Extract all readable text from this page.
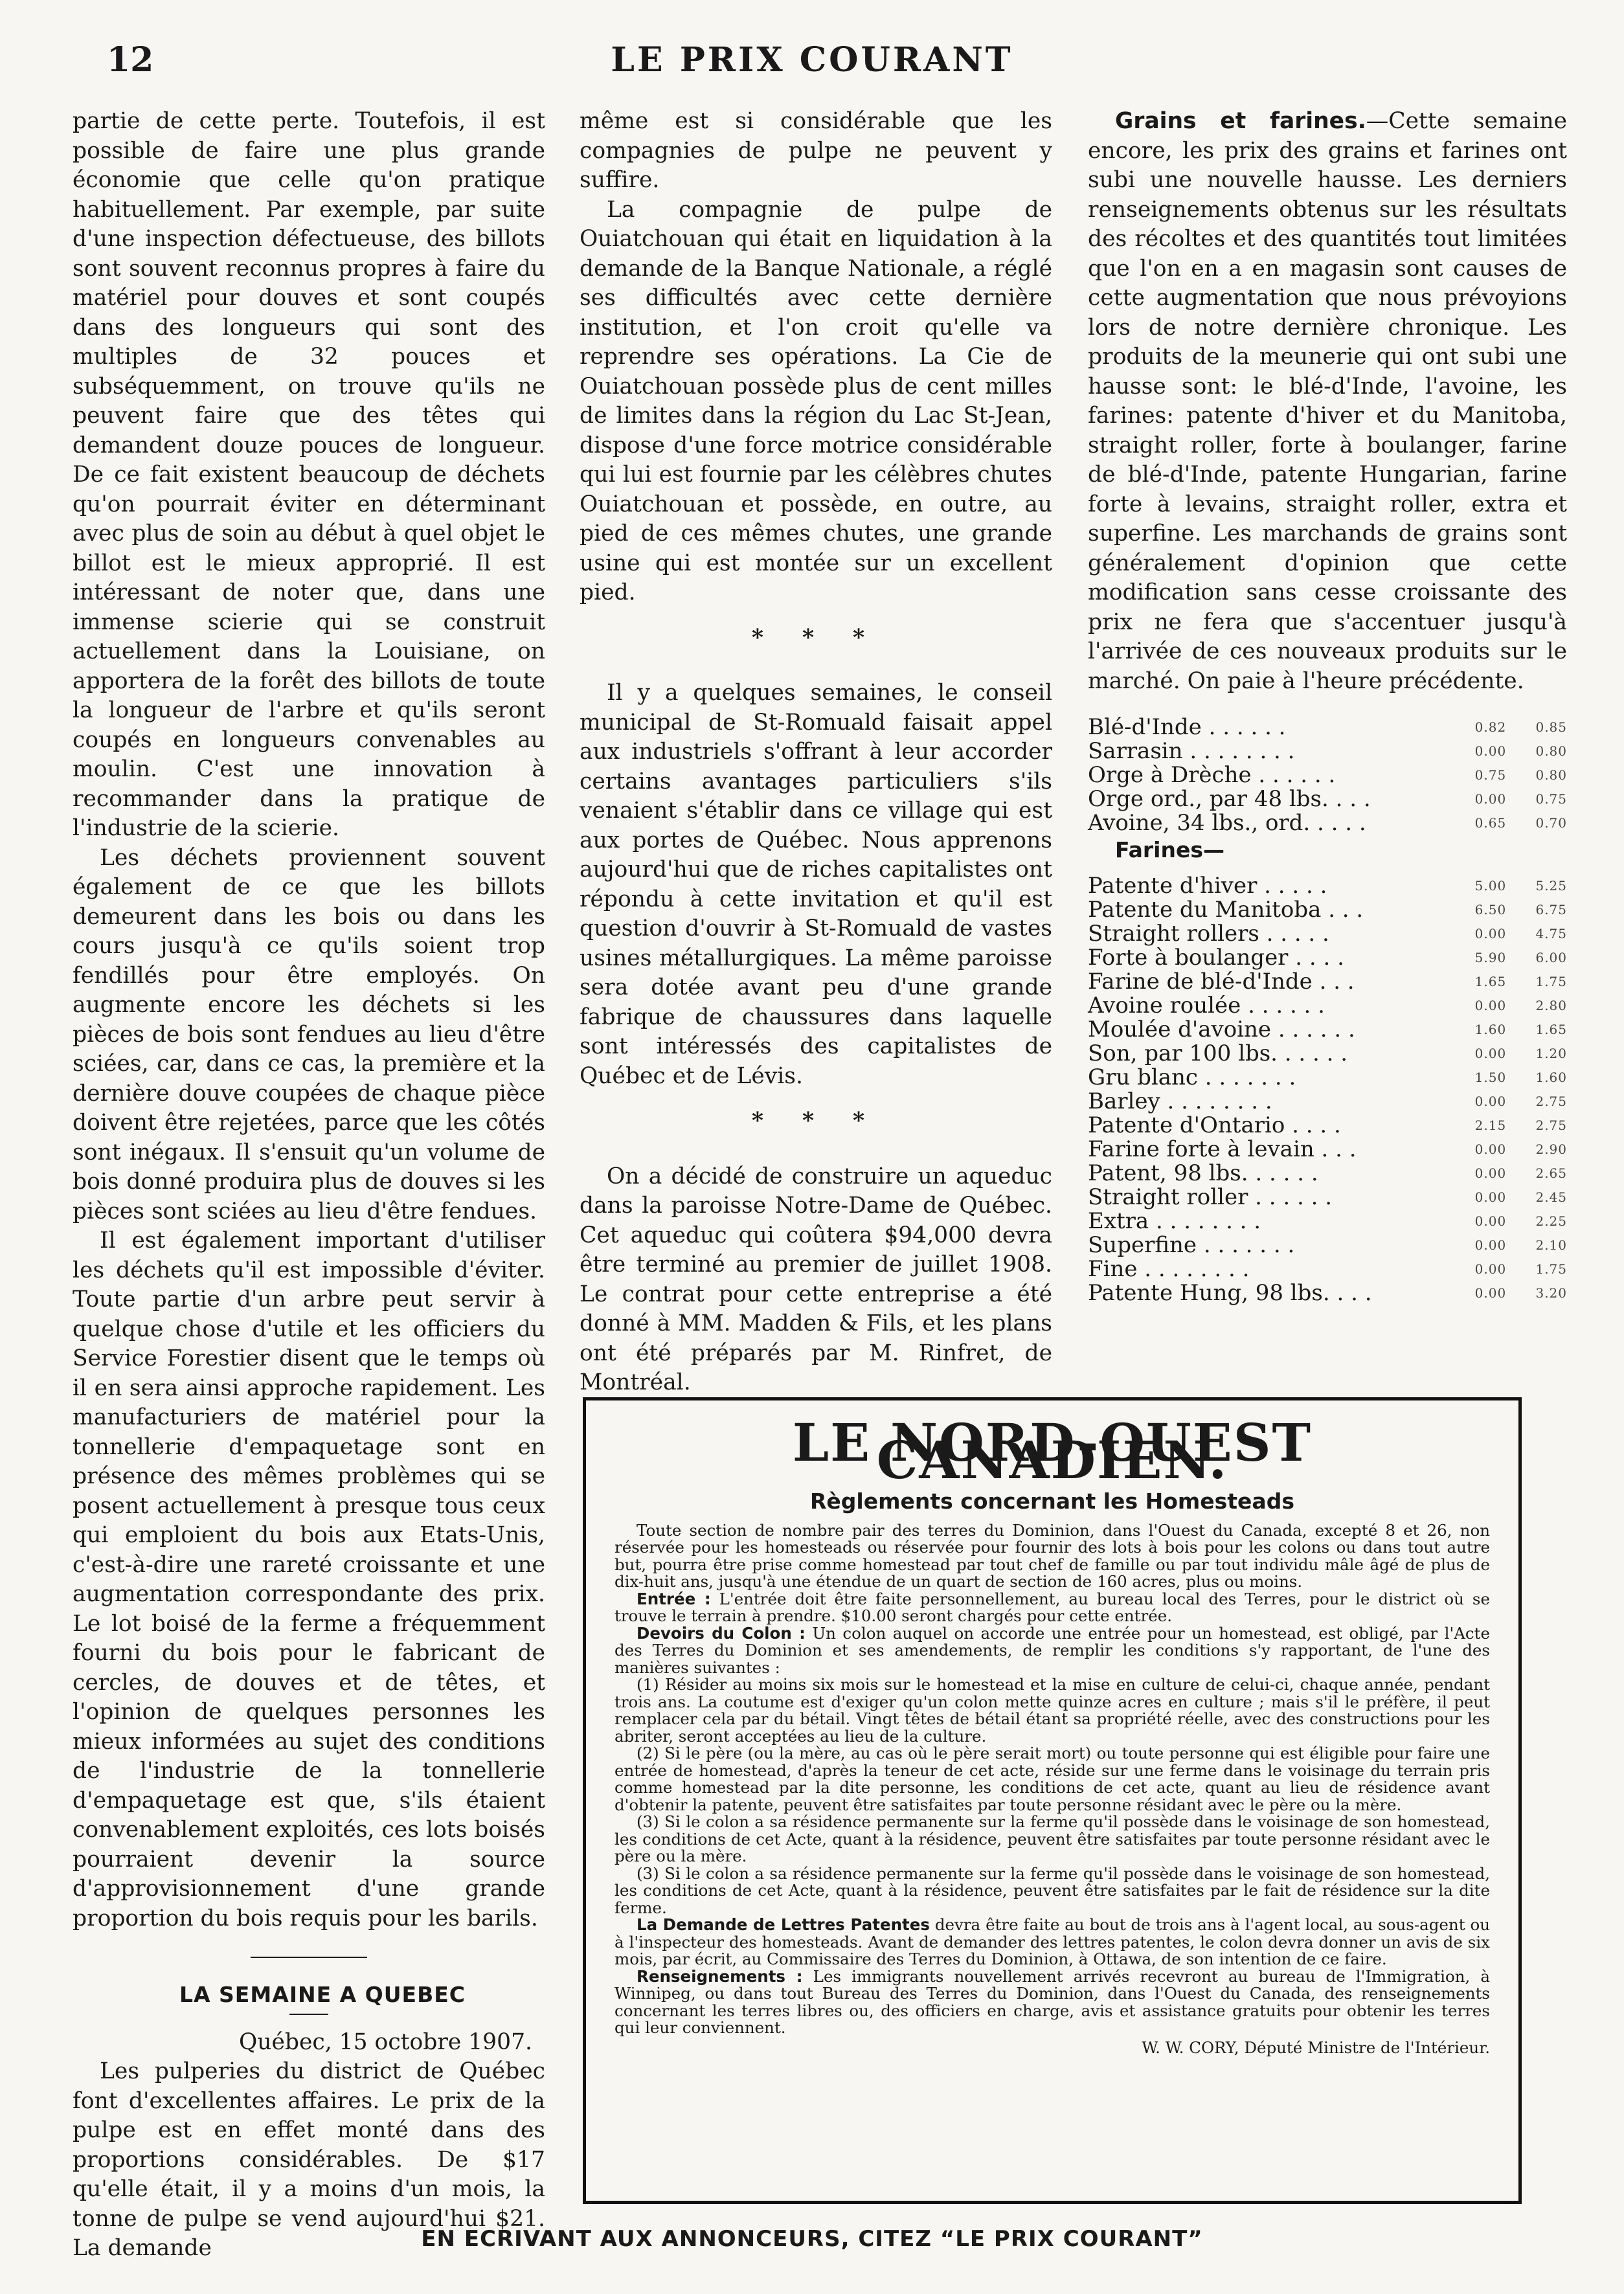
12	LE PRIX COURANT

partie de cette perte. Toutefois, il est possible de faire une plus grande économie que celle qu'on pratique habituellement. Par exemple, par suite d'une inspection défectueuse, des billots sont souvent reconnus propres à faire du matériel pour douves et sont coupés dans des longueurs qui sont des multiples de 32 pouces et subséquemment, on trouve qu'ils ne peuvent faire que des têtes qui demandent douze pouces de longueur. De ce fait existent beaucoup de déchets qu'on pourrait éviter en déterminant avec plus de soin au début à quel objet le billot est le mieux approprié. Il est intéressant de noter que, dans une immense scierie qui se construit actuellement dans la Louisiane, on apportera de la forêt des billots de toute la longueur de l'arbre et qu'ils seront coupés en longueurs convenables au moulin. C'est une innovation à recommander dans la pratique de l'industrie de la scierie.

Les déchets proviennent souvent également de ce que les billots demeurent dans les bois ou dans les cours jusqu'à ce qu'ils soient trop fendillés pour être employés. On augmente encore les déchets si les pièces de bois sont fendues au lieu d'être sciées, car, dans ce cas, la première et la dernière douve coupées de chaque pièce doivent être rejetées, parce que les côtés sont inégaux. Il s'ensuit qu'un volume de bois donné produira plus de douves si les pièces sont sciées au lieu d'être fendues.

Il est également important d'utiliser les déchets qu'il est impossible d'éviter. Toute partie d'un arbre peut servir à quelque chose d'utile et les officiers du Service Forestier disent que le temps où il en sera ainsi approche rapidement. Les manufacturiers de matériel pour la tonnellerie d'empaquetage sont en présence des mêmes problèmes qui se posent actuellement à presque tous ceux qui emploient du bois aux Etats-Unis, c'est-à-dire une rareté croissante et une augmentation correspondante des prix. Le lot boisé de la ferme a fréquemment fourni du bois pour le fabricant de cercles, de douves et de têtes, et l'opinion de quelques personnes les mieux informées au sujet des conditions de l'industrie de la tonnellerie d'empaquetage est que, s'ils étaient convenablement exploités, ces lots boisés pourraient devenir la source d'approvisionnement d'une grande proportion du bois requis pour les barils.

LA SEMAINE A QUEBEC

Québec, 15 octobre 1907.

Les pulperies du district de Québec font d'excellentes affaires. Le prix de la pulpe est en effet monté dans des proportions considérables. De $17 qu'elle était, il y a moins d'un mois, la tonne de pulpe se vend aujourd'hui $21. La demande

même est si considérable que les compagnies de pulpe ne peuvent y suffire.

La compagnie de pulpe de Ouiatchouan qui était en liquidation à la demande de la Banque Nationale, a réglé ses difficultés avec cette dernière institution, et l'on croit qu'elle va reprendre ses opérations. La Cie de Ouiatchouan possède plus de cent milles de limites dans la région du Lac St-Jean, dispose d'une force motrice considérable qui lui est fournie par les célèbres chutes Ouiatchouan et possède, en outre, au pied de ces mêmes chutes, une grande usine qui est montée sur un excellent pied.

* * *

Il y a quelques semaines, le conseil municipal de St-Romuald faisait appel aux industriels s'offrant à leur accorder certains avantages particuliers s'ils venaient s'établir dans ce village qui est aux portes de Québec. Nous apprenons aujourd'hui que de riches capitalistes ont répondu à cette invitation et qu'il est question d'ouvrir à St-Romuald de vastes usines métallurgiques. La même paroisse sera dotée avant peu d'une grande fabrique de chaussures dans laquelle sont intéressés des capitalistes de Québec et de Lévis.

* * *

On a décidé de construire un aqueduc dans la paroisse Notre-Dame de Québec. Cet aqueduc qui coûtera $94,000 devra être terminé au premier de juillet 1908. Le contrat pour cette entreprise a été donné à MM. Madden & Fils, et les plans ont été préparés par M. Rinfret, de Montréal.

Grains et farines.—Cette semaine encore, les prix des grains et farines ont subi une nouvelle hausse. Les derniers renseignements obtenus sur les résultats des récoltes et des quantités tout limitées que l'on en a en magasin sont causes de cette augmentation que nous prévoyions lors de notre dernière chronique. Les produits de la meunerie qui ont subi une hausse sont: le blé-d'Inde, l'avoine, les farines: patente d'hiver et du Manitoba, straight roller, forte à boulanger, farine de blé-d'Inde, patente Hungarian, farine forte à levains, straight roller, extra et superfine. Les marchands de grains sont généralement d'opinion que cette modification sans cesse croissante des prix ne fera que s'accentuer jusqu'à l'arrivée de ces nouveaux produits sur le marché. On paie à l'heure précédente.

Blé-d'Inde . . . . . .	0.82	0.85
Sarrasin . . . . . . . .	0.00	0.80
Orge à Drèche . . . . . .	0.75	0.80
Orge ord., par 48 lbs. . . .	0.00	0.75
Avoine, 34 lbs., ord. . . . .	0.65	0.70

Farines—

Patente d'hiver . . . . .	5.00	5.25
Patente du Manitoba . . .	6.50	6.75
Straight rollers . . . . .	0.00	4.75
Forte à boulanger . . . .	5.90	6.00
Farine de blé-d'Inde . . .	1.65	1.75
Avoine roulée . . . . . .	0.00	2.80
Moulée d'avoine . . . . . .	1.60	1.65
Son, par 100 lbs. . . . . .	0.00	1.20
Gru blanc . . . . . . .	1.50	1.60
Barley . . . . . . . .	0.00	2.75
Patente d'Ontario . . . .	2.15	2.75
Farine forte à levain . . .	0.00	2.90
Patent, 98 lbs. . . . . .	0.00	2.65
Straight roller . . . . . .	0.00	2.45
Extra . . . . . . . .	0.00	2.25
Superfine . . . . . . .	0.00	2.10
Fine . . . . . . . .	0.00	1.75
Patente Hung, 98 lbs. . . .	0.00	3.20
LE NORD-OUEST CANADIEN.
Règlements concernant les Homesteads

Toute section de nombre pair des terres du Dominion, dans l'Ouest du Canada, excepté 8 et 26, non réservée pour les homesteads ou réservée pour fournir des lots à bois pour les colons ou dans tout autre but, pourra être prise comme homestead par tout chef de famille ou par tout individu mâle âgé de plus de dix-huit ans, jusqu'à une étendue de un quart de section de 160 acres, plus ou moins.

Entrée : L'entrée doit être faite personnellement, au bureau local des Terres, pour le district où se trouve le terrain à prendre. $10.00 seront chargés pour cette entrée.

Devoirs du Colon : Un colon auquel on accorde une entrée pour un homestead, est obligé, par l'Acte des Terres du Dominion et ses amendements, de remplir les conditions s'y rapportant, de l'une des manières suivantes :

(1) Résider au moins six mois sur le homestead et la mise en culture de celui-ci, chaque année, pendant trois ans. La coutume est d'exiger qu'un colon mette quinze acres en culture ; mais s'il le préfère, il peut remplacer cela par du bétail. Vingt têtes de bétail étant sa propriété réelle, avec des constructions pour les abriter, seront acceptées au lieu de la culture.

(2) Si le père (ou la mère, au cas où le père serait mort) ou toute personne qui est éligible pour faire une entrée de homestead, d'après la teneur de cet acte, réside sur une ferme dans le voisinage du terrain pris comme homestead par la dite personne, les conditions de cet acte, quant au lieu de résidence avant d'obtenir la patente, peuvent être satisfaites par toute personne résidant avec le père ou la mère.

(3) Si le colon a sa résidence permanente sur la ferme qu'il possède dans le voisinage de son homestead, les conditions de cet Acte, quant à la résidence, peuvent être satisfaites par toute personne résidant avec le père ou la mère.

(3) Si le colon a sa résidence permanente sur la ferme qu'il possède dans le voisinage de son homestead, les conditions de cet Acte, quant à la résidence, peuvent être satisfaites par le fait de résidence sur la dite ferme.

La Demande de Lettres Patentes devra être faite au bout de trois ans à l'agent local, au sous-agent ou à l'inspecteur des homesteads. Avant de demander des lettres patentes, le colon devra donner un avis de six mois, par écrit, au Commissaire des Terres du Dominion, à Ottawa, de son intention de ce faire.

Renseignements : Les immigrants nouvellement arrivés recevront au bureau de l'Immigration, à Winnipeg, ou dans tout Bureau des Terres du Dominion, dans l'Ouest du Canada, des renseignements concernant les terres libres ou, des officiers en charge, avis et assistance gratuits pour obtenir les terres qui leur conviennent.

W. W. CORY, Député Ministre de l'Intérieur.

EN ECRIVANT AUX ANNONCEURS, CITEZ “LE PRIX COURANT”
